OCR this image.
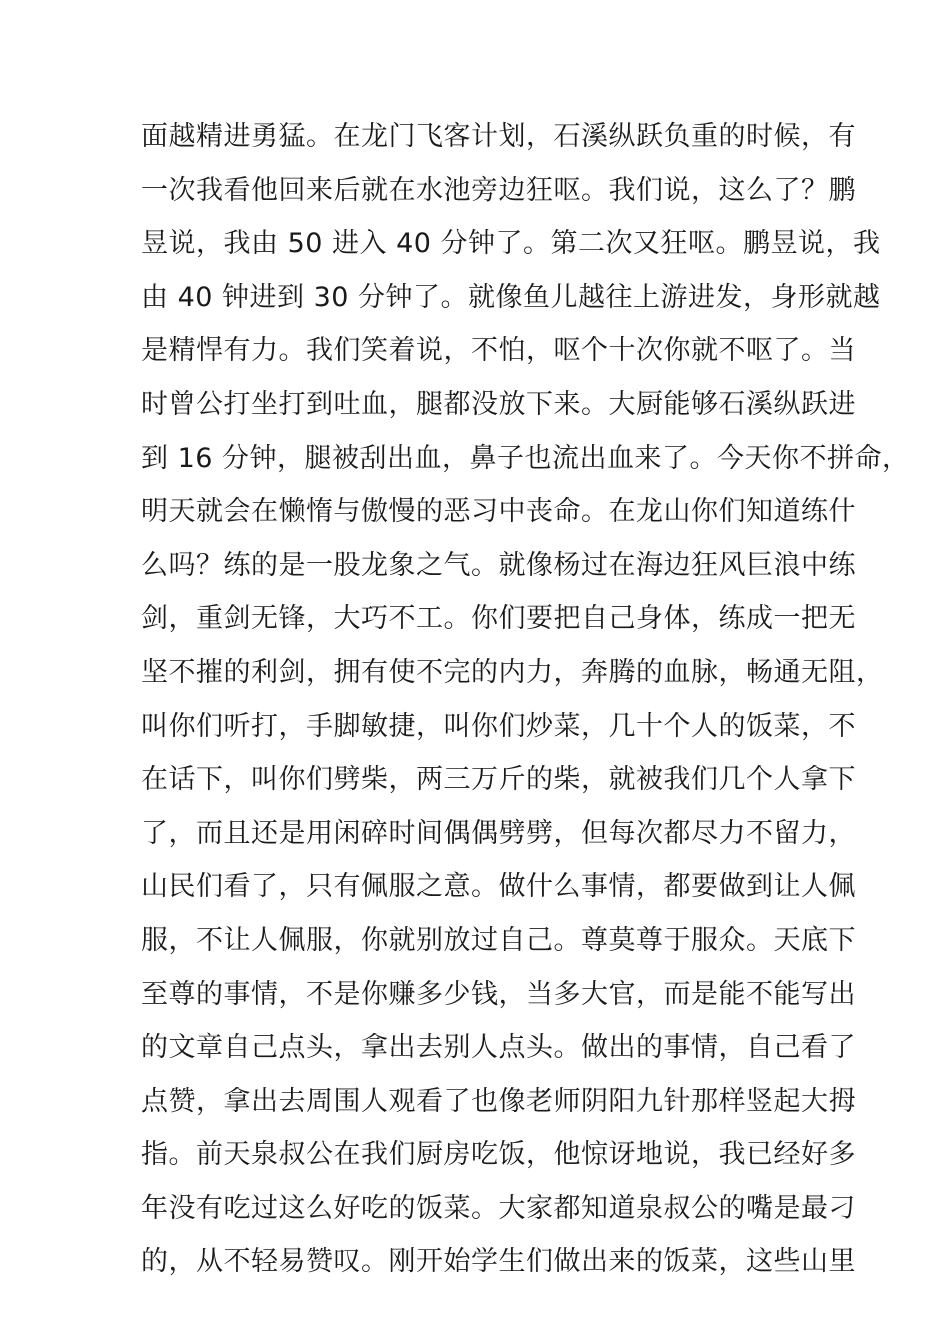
面越精进勇猛。在龙门飞客计划，石溪纵跃负重的时候，有
一次我看他回来后就在水池旁边狂呕。我们说，这么了？鹏
昱说，我由 50 进入 40 分钟了。第二次又狂呕。鹏昱说，我
由 40 钟进到 30 分钟了。就像鱼儿越往上游进发，身形就越
是精悍有力。我们笑着说，不怕，呕个十次你就不呕了。当
时曾公打坐打到吐血，腿都没放下来。大厨能够石溪纵跃进
到 16 分钟，腿被刮出血，鼻子也流出血来了。今天你不拼命，
明天就会在懒惰与傲慢的恶习中丧命。在龙山你们知道练什
么吗？练的是一股龙象之气。就像杨过在海边狂风巨浪中练
剑，重剑无锋，大巧不工。你们要把自己身体，练成一把无
坚不摧的利剑，拥有使不完的内力，奔腾的血脉，畅通无阻，
叫你们听打，手脚敏捷，叫你们炒菜，几十个人的饭菜，不
在话下，叫你们劈柴，两三万斤的柴，就被我们几个人拿下
了，而且还是用闲碎时间偶偶劈劈，但每次都尽力不留力，
山民们看了，只有佩服之意。做什么事情，都要做到让人佩
服，不让人佩服，你就别放过自己。尊莫尊于服众。天底下
至尊的事情，不是你赚多少钱，当多大官，而是能不能写出
的文章自己点头，拿出去别人点头。做出的事情，自己看了
点赞，拿出去周围人观看了也像老师阴阳九针那样竖起大拇
指。前天泉叔公在我们厨房吃饭，他惊讶地说，我已经好多
年没有吃过这么好吃的饭菜。大家都知道泉叔公的嘴是最刁
的，从不轻易赞叹。刚开始学生们做出来的饭菜，这些山里
